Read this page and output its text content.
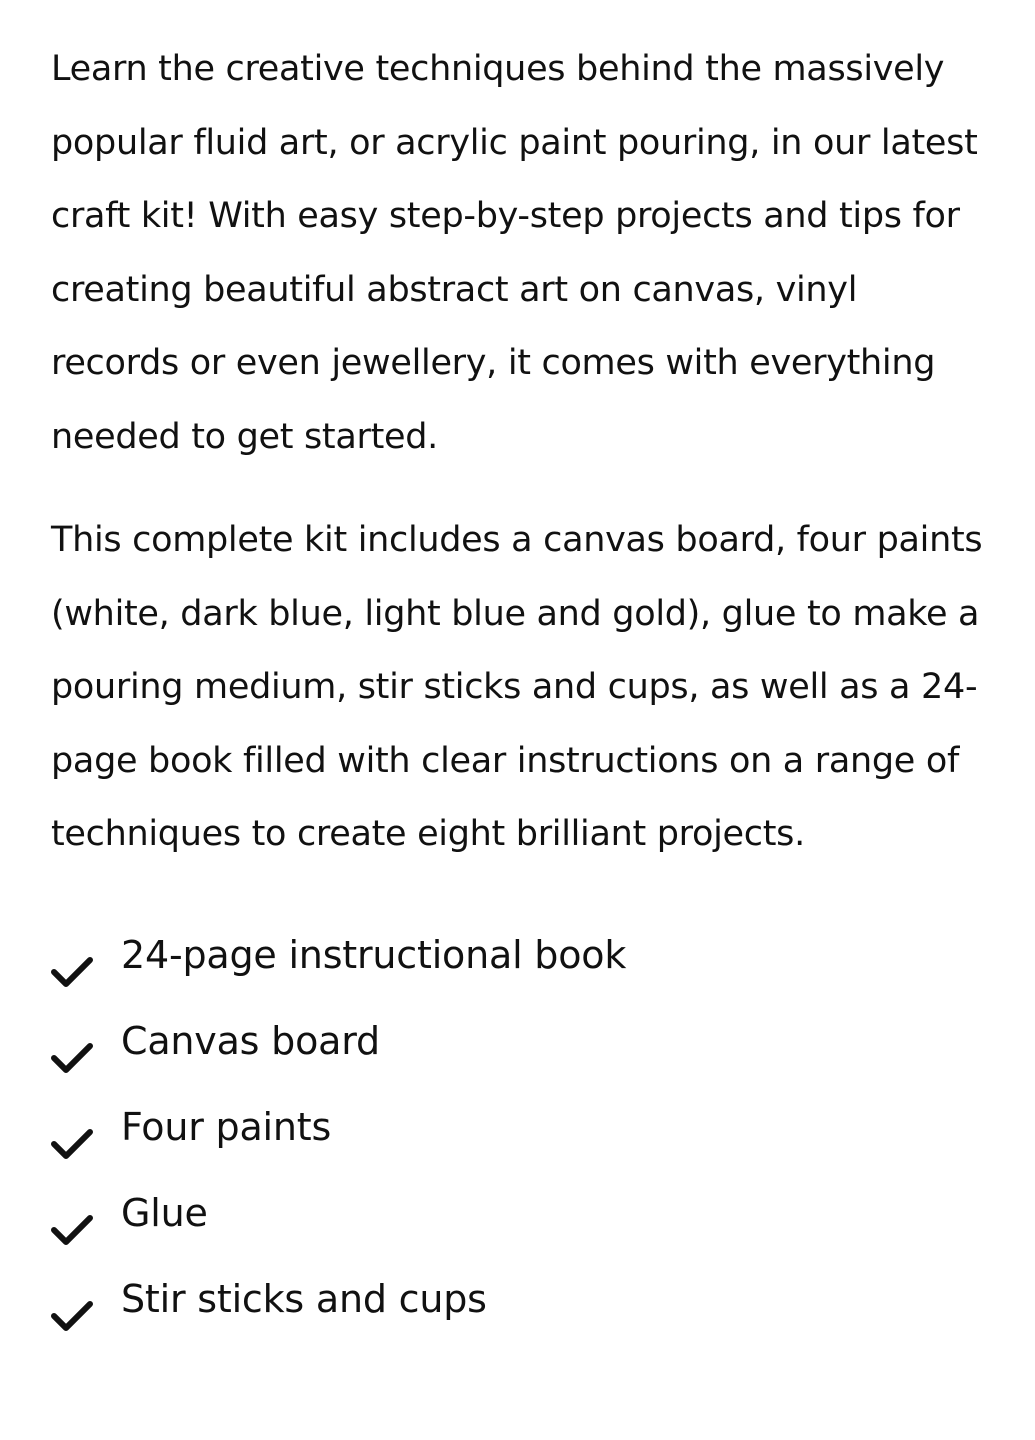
Learn the creative techniques behind the massively popular fluid art, or acrylic paint pouring, in our latest craft kit! With easy step-by-step projects and tips for creating beautiful abstract art on canvas, vinyl records or even jewellery, it comes with everything needed to get started.

This complete kit includes a canvas board, four paints (white, dark blue, light blue and gold), glue to make a pouring medium, stir sticks and cups, as well as a 24-page book filled with clear instructions on a range of techniques to create eight brilliant projects.

24-page instructional book
Canvas board
Four paints
Glue
Stir sticks and cups
